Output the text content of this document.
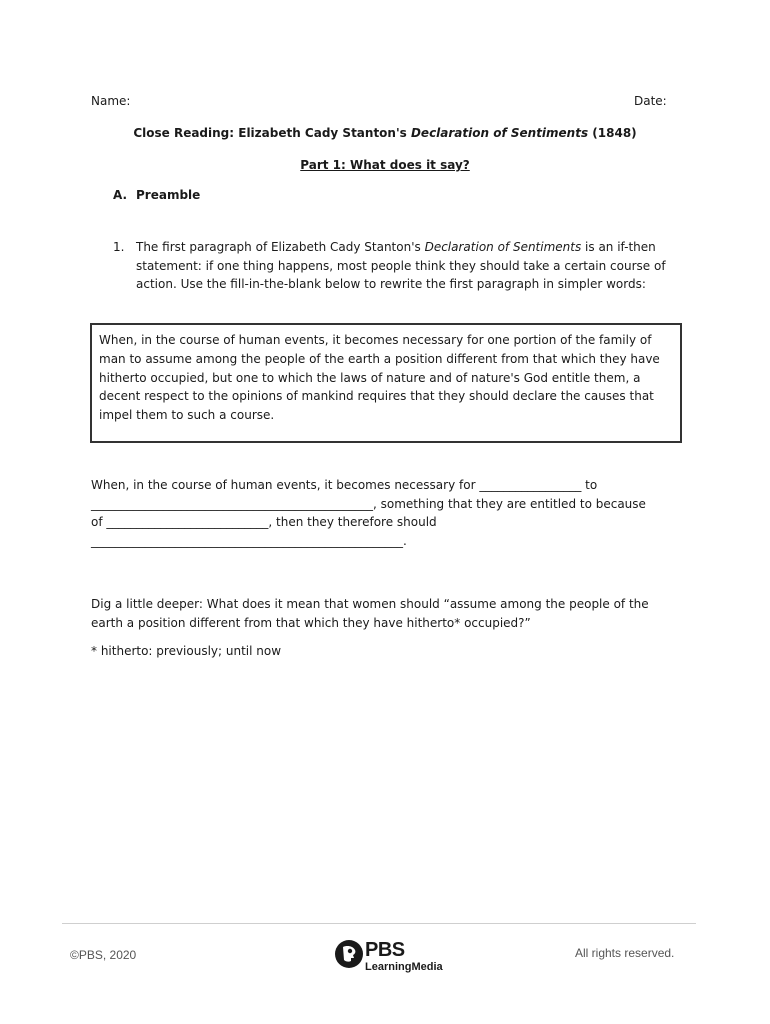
Name:	Date:
Close Reading: Elizabeth Cady Stanton's Declaration of Sentiments (1848)
Part 1: What does it say?
A. Preamble
1. The first paragraph of Elizabeth Cady Stanton's Declaration of Sentiments is an if-then statement: if one thing happens, most people think they should take a certain course of action. Use the fill-in-the-blank below to rewrite the first paragraph in simpler words:
When, in the course of human events, it becomes necessary for one portion of the family of man to assume among the people of the earth a position different from that which they have hitherto occupied, but one to which the laws of nature and of nature's God entitle them, a decent respect to the opinions of mankind requires that they should declare the causes that impel them to such a course.
When, in the course of human events, it becomes necessary for _________________ to
_______________________________________________, something that they are entitled to because
of ___________________________, then they therefore should
____________________________________________________.
Dig a little deeper: What does it mean that women should “assume among the people of the earth a position different from that which they have hitherto* occupied?”
* hitherto: previously; until now
©PBS, 2020	PBS
LearningMedia
All rights reserved.
